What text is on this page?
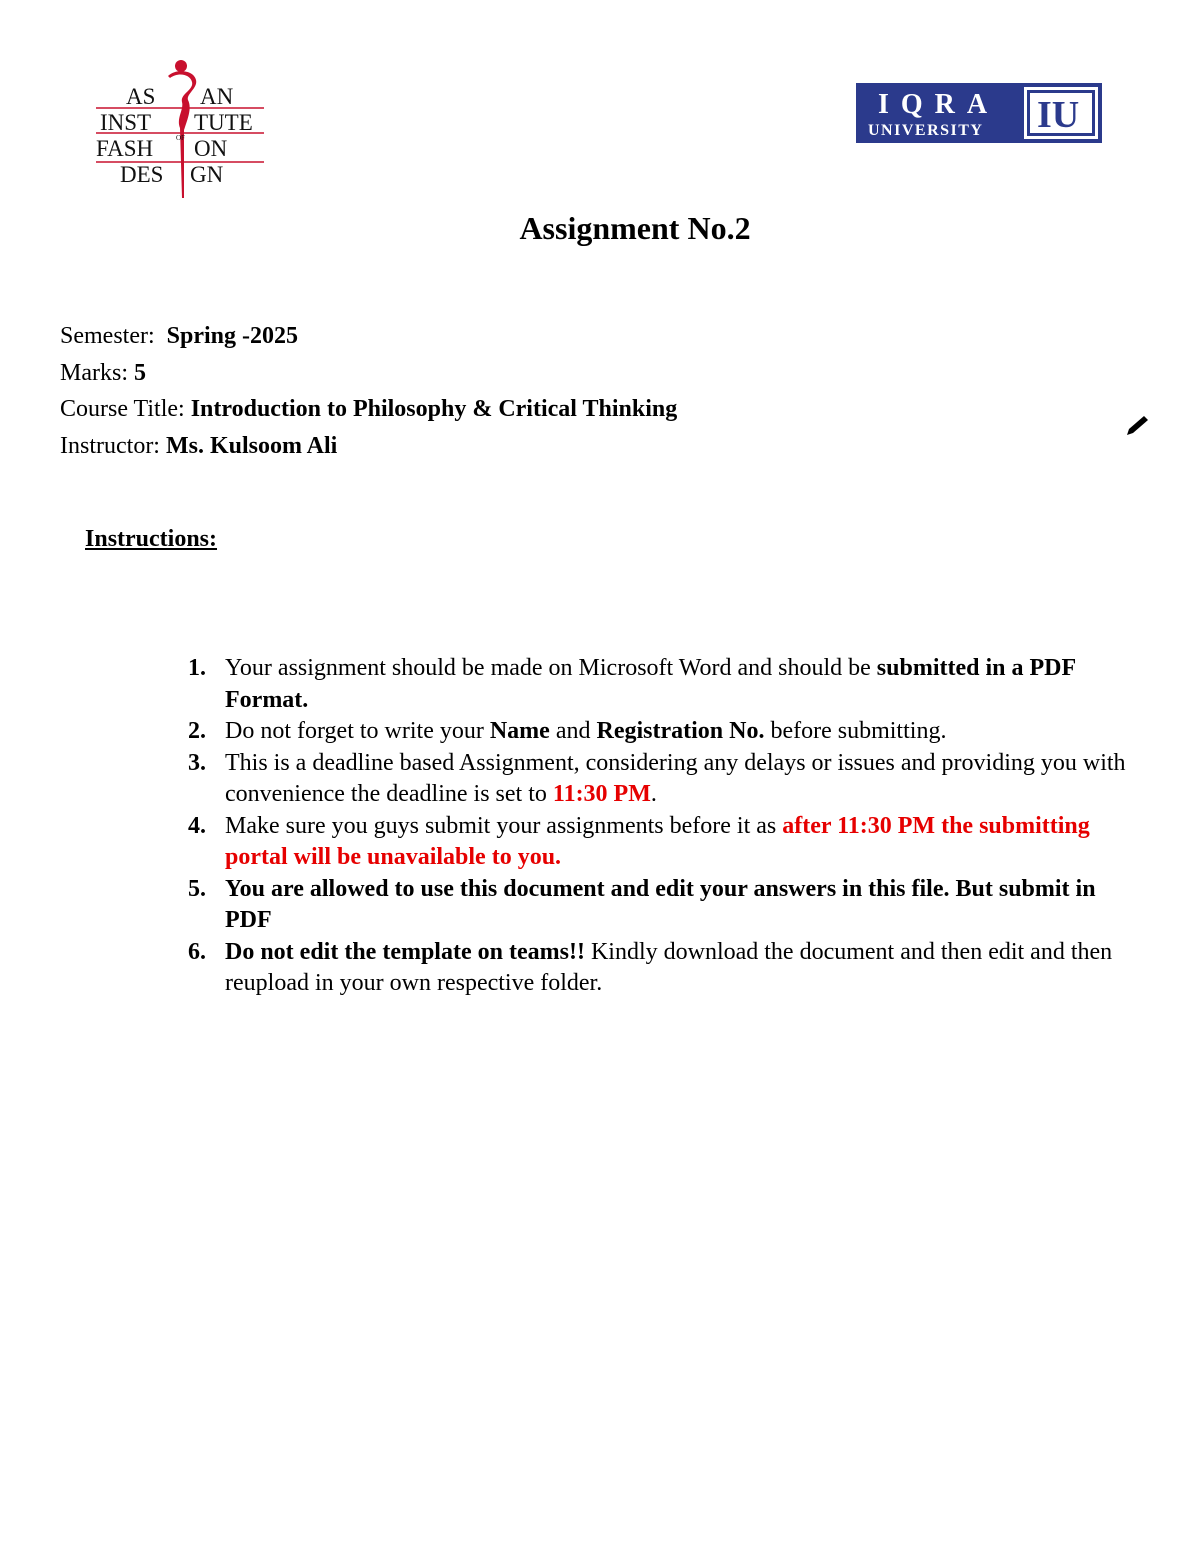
AS AN
INST TUTE
OF
FASH ON
DES GN
IQRA
UNIVERSITY IU
Assignment No.2
Semester: Spring -2025
Marks: 5
Course Title: Introduction to Philosophy & Critical Thinking
Instructor: Ms. Kulsoom Ali
Instructions:
1. Your assignment should be made on Microsoft Word and should be submitted in a PDF Format.
2. Do not forget to write your Name and Registration No. before submitting.
3. This is a deadline based Assignment, considering any delays or issues and providing you with convenience the deadline is set to 11:30 PM.
4. Make sure you guys submit your assignments before it as after 11:30 PM the submitting portal will be unavailable to you.
5. You are allowed to use this document and edit your answers in this file. But submit in PDF
6. Do not edit the template on teams!! Kindly download the document and then edit and then reupload in your own respective folder.
